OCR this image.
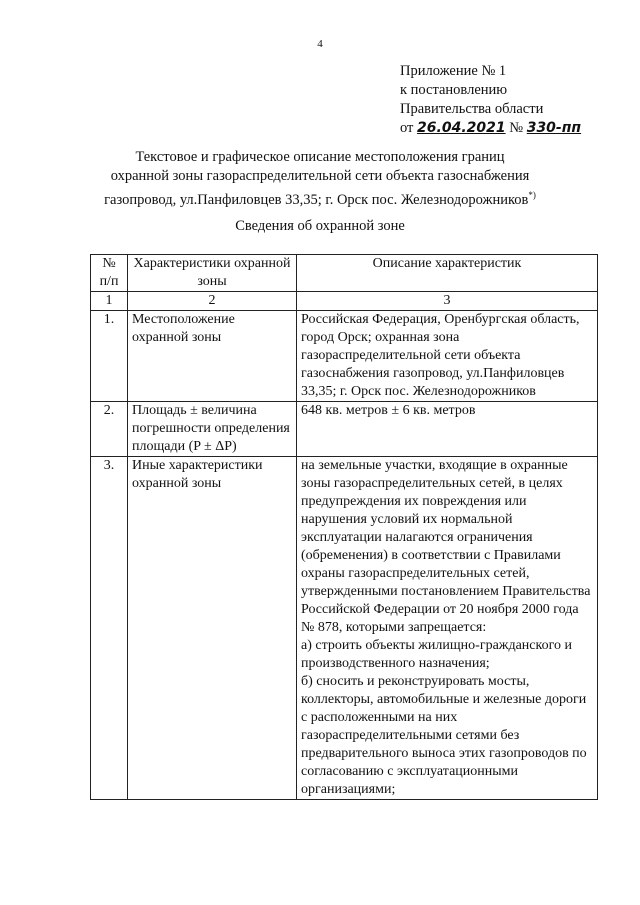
4
Приложение № 1
к постановлению
Правительства области
от 26.04.2021 № 330-пп
Текстовое и графическое описание местоположения границ
охранной зоны газораспределительной сети объекта газоснабжения
газопровод, ул.Панфиловцев 33,35; г. Орск пос. Железнодорожников*)
Сведения об охранной зоне
№ п/п	Характеристики охранной зоны	Описание характеристик
1	2	3
1.	Местоположение охранной зоны	Российская Федерация, Оренбургская область, город Орск; охранная зона газораспределительной сети объекта газоснабжения газопровод, ул.Панфиловцев 33,35; г. Орск пос. Железнодорожников
2.	Площадь ± величина погрешности определения площади (P ± ΔP)	648 кв. метров ± 6 кв. метров
3.	Иные характеристики охранной зоны	на земельные участки, входящие в охранные зоны газораспределительных сетей, в целях предупреждения их повреждения или нарушения условий их нормальной эксплуатации налагаются ограничения (обременения) в соответствии с Правилами охраны газораспределительных сетей, утвержденными постановлением Правительства Российской Федерации от 20 ноября 2000 года № 878, которыми запрещается:
а) строить объекты жилищно-гражданского и производственного назначения;
б) сносить и реконструировать мосты, коллекторы, автомобильные и железные дороги с расположенными на них газораспределительными сетями без предварительного выноса этих газопроводов по согласованию с эксплуатационными организациями;
